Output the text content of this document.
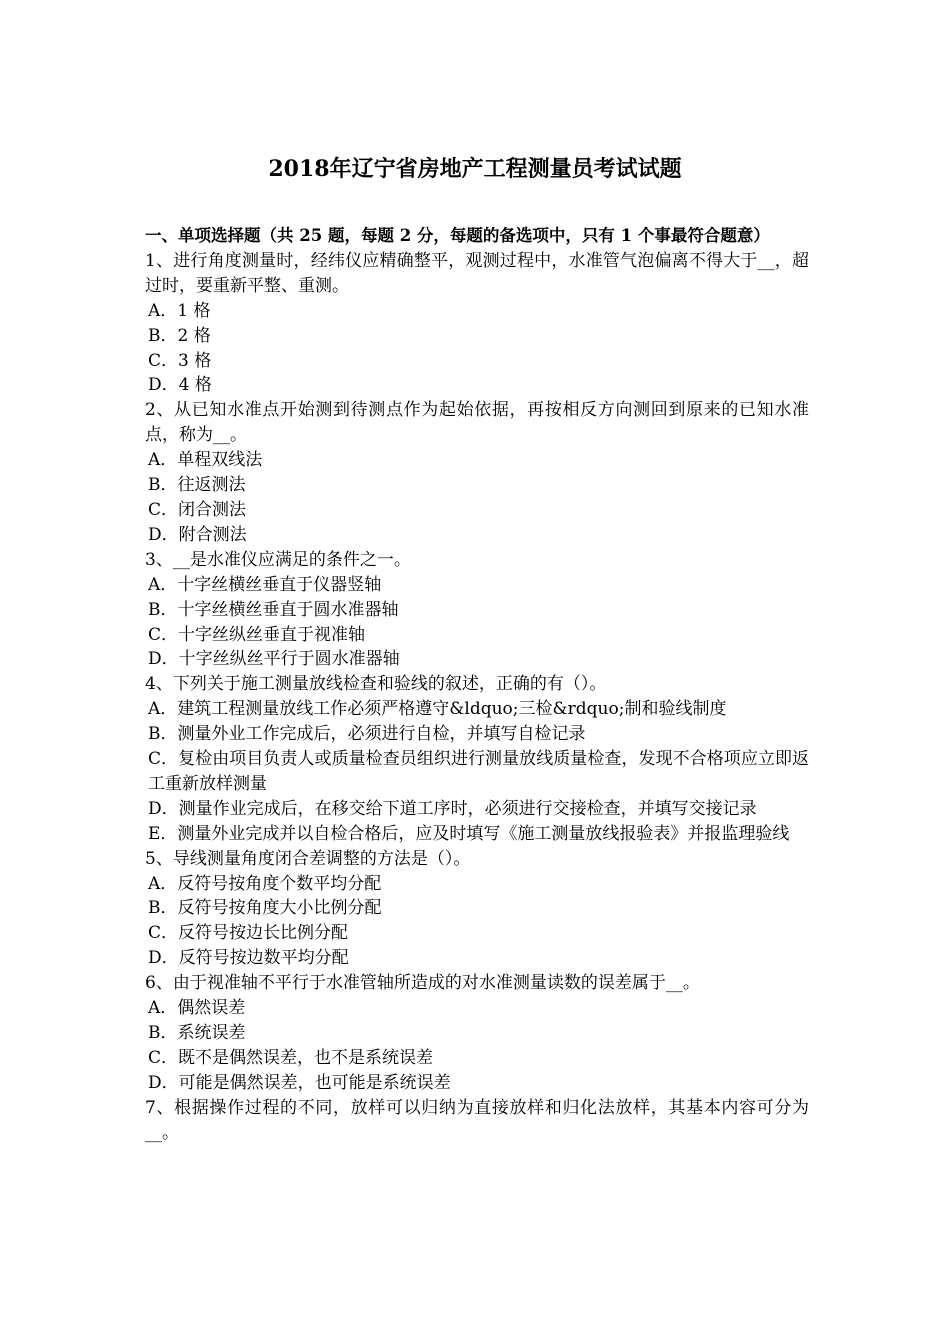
2018年辽宁省房地产工程测量员考试试题

一、单项选择题（共 25 题，每题 2 分，每题的备选项中，只有 1 个事最符合题意）

1、进行角度测量时，经纬仪应精确整平，观测过程中，水准管气泡偏离不得大于__，超过时，要重新平整、重测。

A．1 格

B．2 格

C．3 格

D．4 格

2、从已知水准点开始测到待测点作为起始依据，再按相反方向测回到原来的已知水准点，称为__。

A．单程双线法

B．往返测法

C．闭合测法

D．附合测法

3、__是水准仪应满足的条件之一。

A．十字丝横丝垂直于仪器竖轴

B．十字丝横丝垂直于圆水准器轴

C．十字丝纵丝垂直于视准轴

D．十字丝纵丝平行于圆水准器轴

4、下列关于施工测量放线检查和验线的叙述，正确的有（）。

A．建筑工程测量放线工作必须严格遵守&ldquo;三检&rdquo;制和验线制度

B．测量外业工作完成后，必须进行自检，并填写自检记录

C．复检由项目负责人或质量检查员组织进行测量放线质量检查，发现不合格项应立即返工重新放样测量

D．测量作业完成后，在移交给下道工序时，必须进行交接检查，并填写交接记录

E．测量外业完成并以自检合格后，应及时填写《施工测量放线报验表》并报监理验线

5、导线测量角度闭合差调整的方法是（）。

A．反符号按角度个数平均分配

B．反符号按角度大小比例分配

C．反符号按边长比例分配

D．反符号按边数平均分配

6、由于视准轴不平行于水准管轴所造成的对水准测量读数的误差属于__。

A．偶然误差

B．系统误差

C．既不是偶然误差，也不是系统误差

D．可能是偶然误差，也可能是系统误差

7、根据操作过程的不同，放样可以归纳为直接放样和归化法放样，其基本内容可分为__。
